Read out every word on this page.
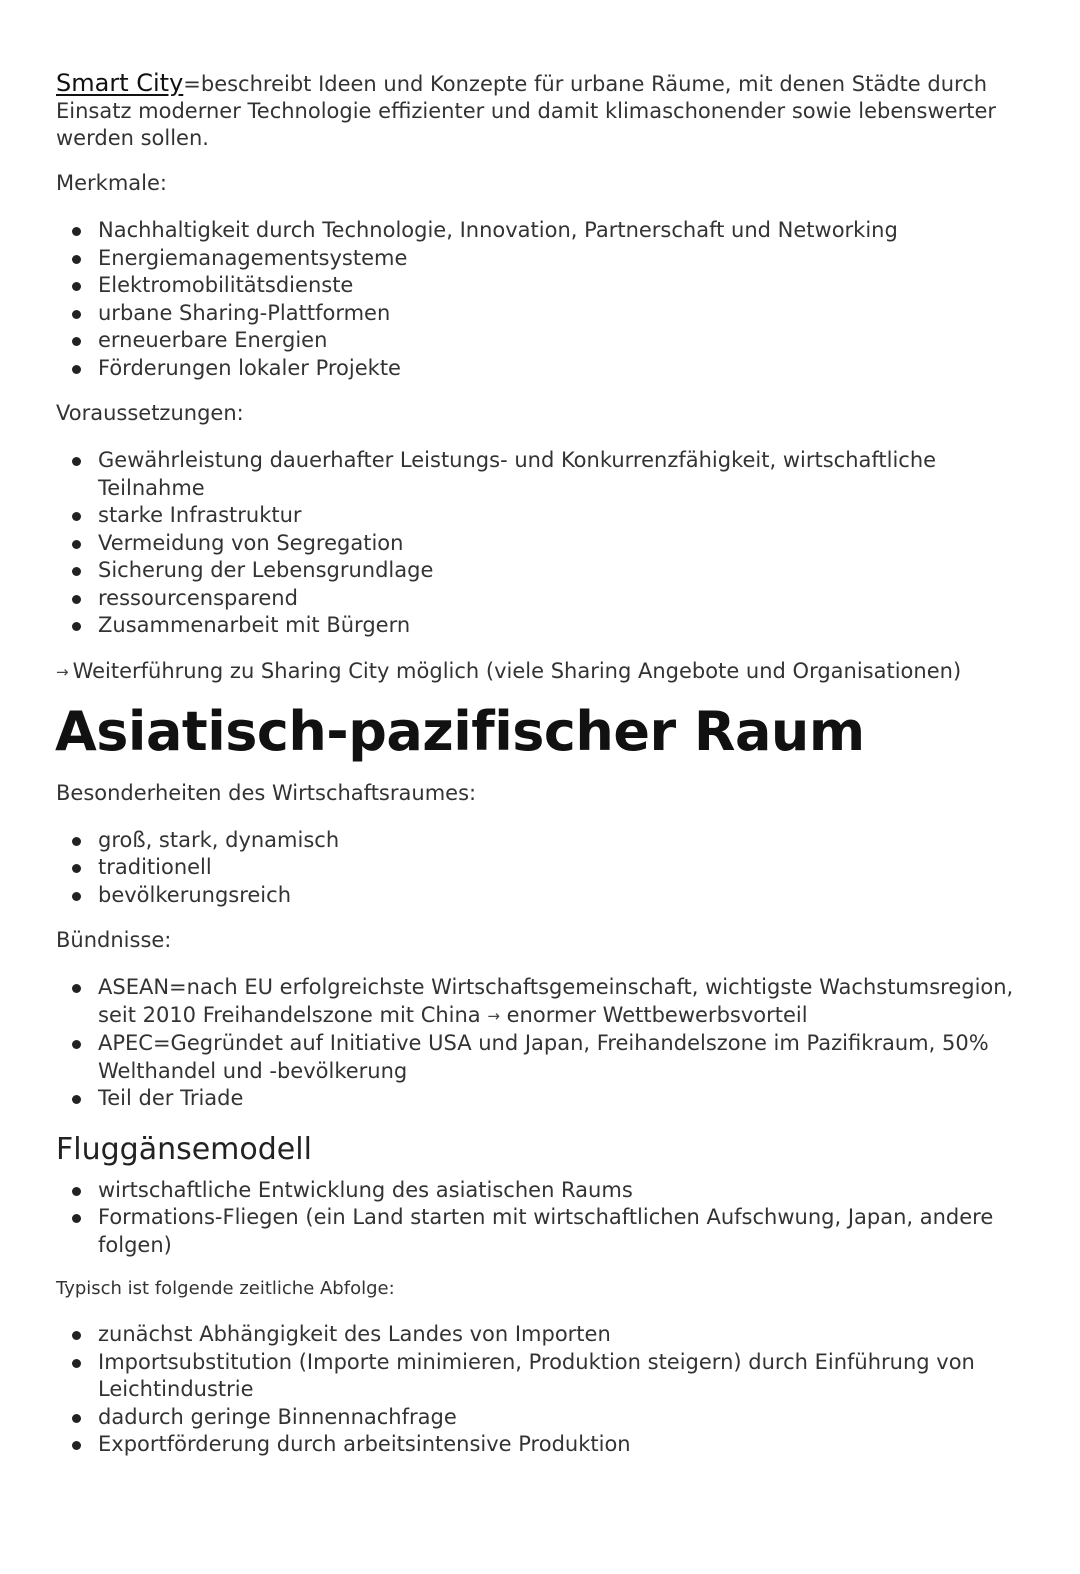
Smart City=beschreibt Ideen und Konzepte für urbane Räume, mit denen Städte durch Einsatz moderner Technologie effizienter und damit klimaschonender sowie lebenswerter werden sollen.

Merkmale:

Nachhaltigkeit durch Technologie, Innovation, Partnerschaft und Networking
Energiemanagementsysteme
Elektromobilitätsdienste
urbane Sharing-Plattformen
erneuerbare Energien
Förderungen lokaler Projekte

Voraussetzungen:

Gewährleistung dauerhafter Leistungs- und Konkurrenzfähigkeit, wirtschaftliche Teilnahme
starke Infrastruktur
Vermeidung von Segregation
Sicherung der Lebensgrundlage
ressourcensparend
Zusammenarbeit mit Bürgern

→ Weiterführung zu Sharing City möglich (viele Sharing Angebote und Organisationen)

Asiatisch-pazifischer Raum

Besonderheiten des Wirtschaftsraumes:

groß, stark, dynamisch
traditionell
bevölkerungsreich

Bündnisse:

ASEAN=nach EU erfolgreichste Wirtschaftsgemeinschaft, wichtigste Wachstumsregion, seit 2010 Freihandelszone mit China → enormer Wettbewerbsvorteil
APEC=Gegründet auf Initiative USA und Japan, Freihandelszone im Pazifikraum, 50% Welthandel und -bevölkerung
Teil der Triade
Fluggänsemodell
wirtschaftliche Entwicklung des asiatischen Raums
Formations-Fliegen (ein Land starten mit wirtschaftlichen Aufschwung, Japan, andere folgen)

Typisch ist folgende zeitliche Abfolge:

zunächst Abhängigkeit des Landes von Importen
Importsubstitution (Importe minimieren, Produktion steigern) durch Einführung von Leichtindustrie
dadurch geringe Binnennachfrage
Exportförderung durch arbeitsintensive Produktion
